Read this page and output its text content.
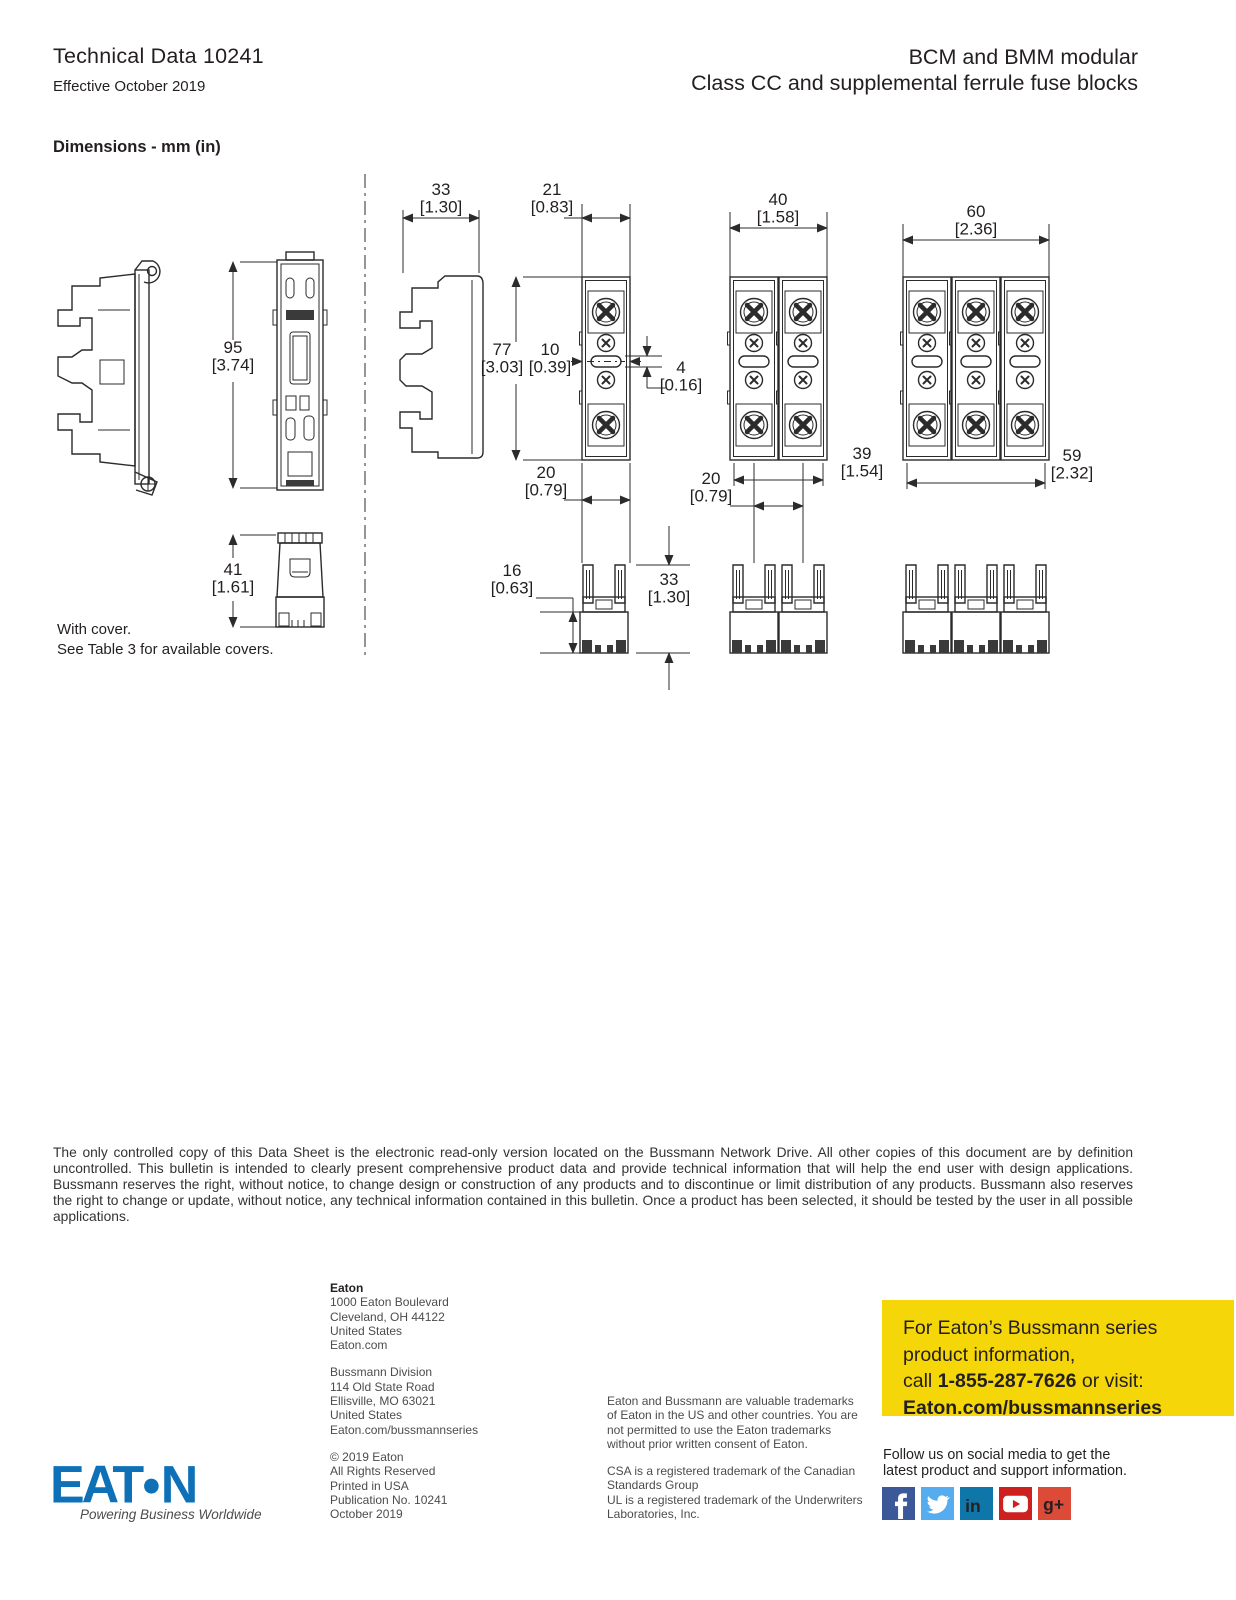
Technical Data 10241
Effective October 2019
BCM and BMM modular
Class CC and supplemental ferrule fuse blocks
Dimensions - mm (in)
95
[3.74]
41
[1.61]
33
[1.30]
21
[0.83]
77
[3.03]
10
[0.39]	4
[0.16]
20
[0.79]
40
[1.58]
39
[1.54]
20
[0.79]
60
[2.36]
59
[2.32]
16
[0.63]	33
[1.30]
With cover.
See Table 3 for available covers.
The only controlled copy of this Data Sheet is the electronic read-only version located on the Bussmann Network Drive. All other copies of this document are by definition uncontrolled. This bulletin is intended to clearly present comprehensive product data and provide technical information that will help the end user with design applications. Bussmann reserves the right, without notice, to change design or construction of any products and to discontinue or limit distribution of any products. Bussmann also reserves the right to change or update, without notice, any technical information contained in this bulletin. Once a product has been selected, it should be tested by the user in all possible applications.
Eaton
1000 Eaton Boulevard
Cleveland, OH 44122
United States
Eaton.com
Bussmann Division
114 Old State Road
Ellisville, MO 63021
United States
Eaton.com/bussmannseries
© 2019 Eaton
All Rights Reserved
Printed in USA
Publication No. 10241
October 2019
Eaton and Bussmann are valuable trademarks of Eaton in the US and other countries. You are not permitted to use the Eaton trademarks without prior written consent of Eaton.
CSA is a registered trademark of the Canadian Standards Group
UL is a registered trademark of the Underwriters Laboratories, Inc.
For Eaton’s Bussmann series
product information,
call 1-855-287-7626 or visit:
Eaton.com/bussmannseries
Follow us on social media to get the
latest product and support information.
in	g+
EAT●N
Powering Business Worldwide
